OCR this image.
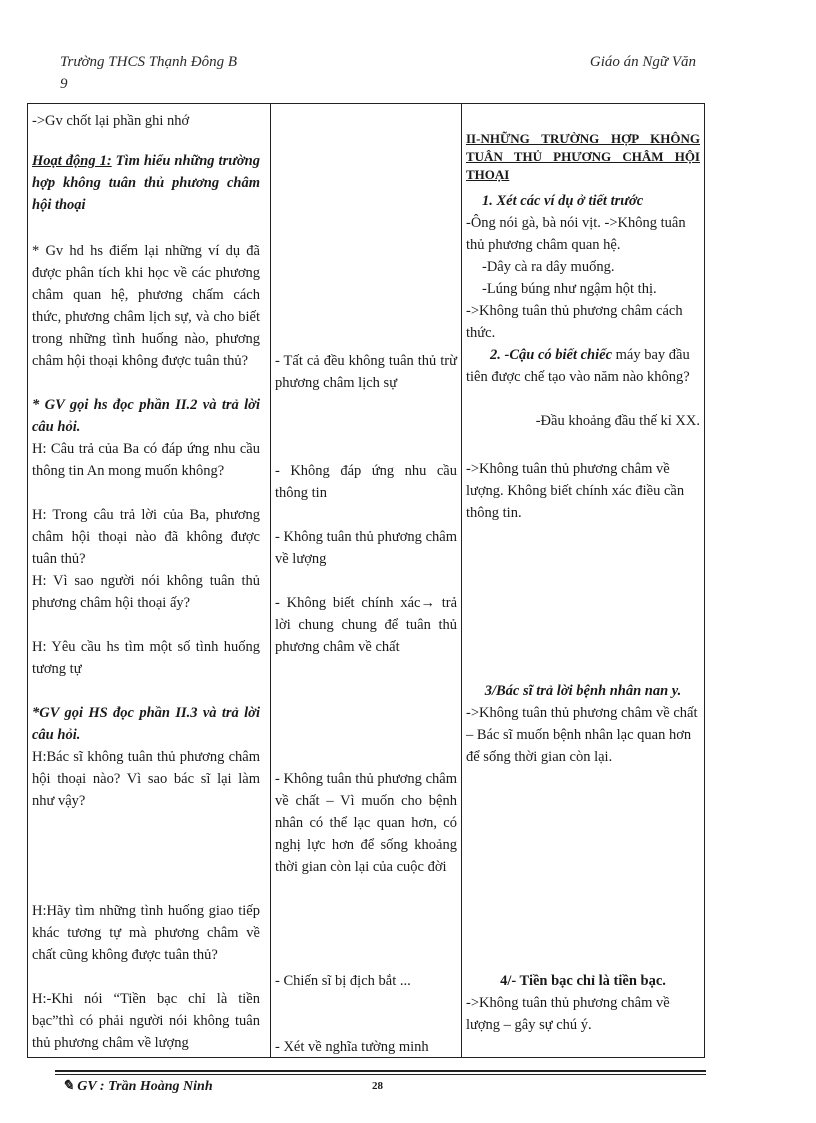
Trường THCS Thạnh Đông B
9
Giáo án Ngữ Văn

->Gv chốt lại phần ghi nhớ

Hoạt động 1: Tìm hiểu những trường hợp không tuân thủ phương châm hội thoại

* Gv hd hs điểm lại những ví dụ đã được phân tích khi học về các phương châm quan hệ, phương chấm cách thức, phương châm lịch sự, và cho biết trong những tình huống nào, phương châm hội thoại không được tuân thủ?

* GV gọi hs đọc phần II.2 và trả lời câu hỏi.

H: Câu trả của Ba có đáp ứng nhu cầu thông tin An mong muốn không?

H: Trong câu trả lời của Ba, phương châm hội thoại nào đã không được tuân thủ?

H: Vì sao người nói không tuân thủ phương châm hội thoại ấy?

H: Yêu cầu hs tìm một số tình huống tương tự

*GV gọi HS đọc phần II.3 và trả lời câu hỏi.

H:Bác sĩ không tuân thủ phương châm hội thoại nào? Vì sao bác sĩ lại làm như vậy?

H:Hãy tìm những tình huống giao tiếp khác tương tự mà phương châm về chất cũng không được tuân thủ?

H:-Khi nói “Tiền bạc chỉ là tiền bạc”thì có phải người nói không tuân thủ phương châm về lượng

- Tất cả đều không tuân thủ trừ phương châm lịch sự

- Không đáp ứng nhu cầu thông tin

- Không tuân thủ phương châm về lượng

- Không biết chính xác→ trả lời chung chung để tuân thủ phương châm về chất

- Không tuân thủ phương châm về chất – Vì muốn cho bệnh nhân có thể lạc quan hơn, có nghị lực hơn để sống khoảng thời gian còn lại của cuộc đời

- Chiến sĩ bị địch bắt ...

- Xét về nghĩa tường minh

II-NHỮNG TRƯỜNG HỢP KHÔNG TUÂN THỦ PHƯƠNG CHÂM HỘI THOẠI

1. Xét các ví dụ ở tiết trước

-Ông nói gà, bà nói vịt. ->Không tuân thủ phương châm quan hệ.

-Dây cà ra dây muống.

-Lúng búng như ngậm hột thị.

->Không tuân thủ phương châm cách thức.

2. -Cậu có biết chiếc máy bay đầu tiên được chế tạo vào năm nào không?

-Đầu khoảng đầu thế kỉ XX.

->Không tuân thủ phương châm về lượng. Không biết chính xác điều cần thông tin.

3/Bác sĩ trả lời bệnh nhân nan y.

->Không tuân thủ phương châm về chất – Bác sĩ muốn bệnh nhân lạc quan hơn để sống thời gian còn lại.

4/- Tiền bạc chỉ là tiền bạc.

->Không tuân thủ phương châm về lượng – gây sự chú ý.

✎ GV : Trần Hoàng Ninh	28
